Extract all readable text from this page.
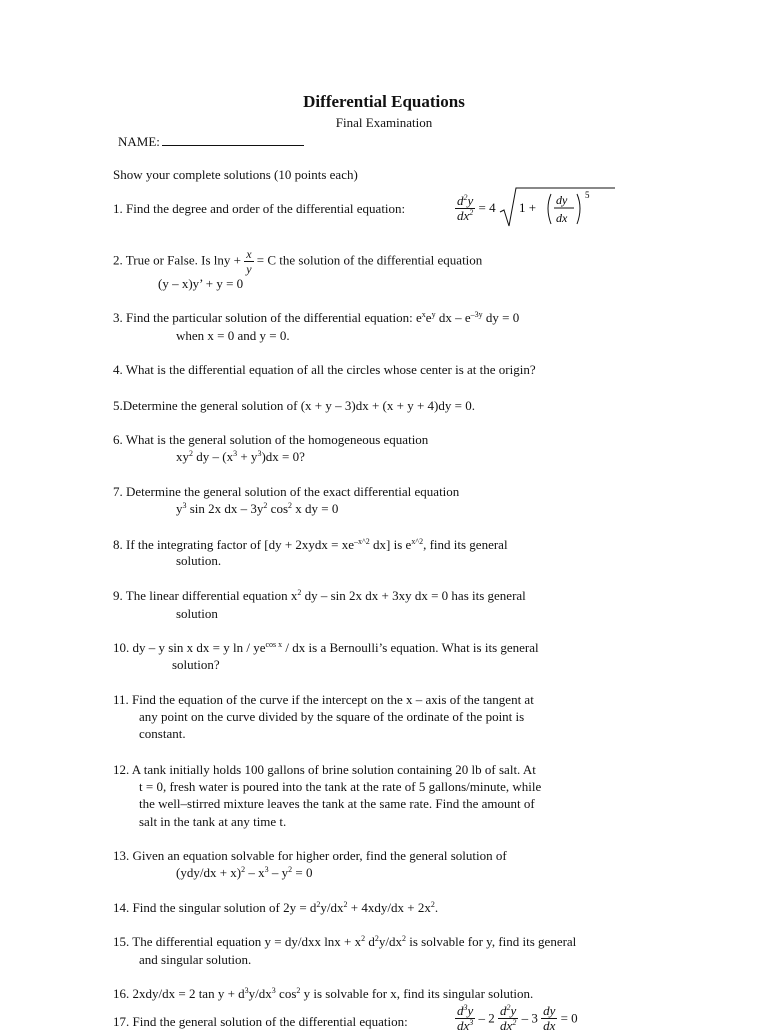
Differential Equations
Final Examination
NAME:
Show your complete solutions (10 points each)
1. Find the degree and order of the differential equation:	$\frac{d^2y}{dx^2} = 4$ 1 + dy
dx
5
2. True or False. Is $\ln y + \frac{x}{y} = C$ the solution of the differential equation
(y – x)y’ + y = 0
3. Find the particular solution of the differential equation: $e^xe^y$ dx – $e^{-3y}$ dy = 0
when x = 0 and y = 0.
4. What is the differential equation of all the circles whose center is at the origin?
5.Determine the general solution of (x + y – 3)dx + (x + y + 4)dy = 0.
6. What is the general solution of the homogeneous equation
$xy^2$ dy – $(x^3 + y^3)dx = 0$?
7. Determine the general solution of the exact differential equation
$y^3$ sin 2x dx – $3y^2$ $\cos^2 x$ dy = 0
8. If the integrating factor of [dy + 2xydx = $xe^{-x\^{}2}$ dx] is $e^{x\^{}2}$, find its general
solution.
9. The linear differential equation $x^2$ dy – sin 2x dx + 3xy dx = 0 has its general
solution
10. dy – y sin x dx = y ln / $ye^{cos x}$ / dx is a Bernoulli’s equation. What is its general
solution?
11. Find the equation of the curve if the intercept on the x – axis of the tangent at
any point on the curve divided by the square of the ordinate of the point is
constant.
12. A tank initially holds 100 gallons of brine solution containing 20 lb of salt. At
t = 0, fresh water is poured into the tank at the rate of 5 gallons/minute, while
the well–stirred mixture leaves the tank at the same rate. Find the amount of
salt in the tank at any time t.
13. Given an equation solvable for higher order, find the general solution of
$(ydy/dx + x)^2 - x^3 - y^2 = 0$
14. Find the singular solution of $2y = d^2y/dx^2 + 4xdy/dx + 2x^2$.
15. The differential equation y = dy/dxx $\ln x + x^2$ $d^2y/dx^2$ is solvable for y, find its general
and singular solution.
16. 2xdy/dx = 2 $\tan y + d^3y/dx^3$ $\cos^2 y$ is solvable for x, find its singular solution.
17. Find the general solution of the differential equation:	$\frac{d^3y}{dx^3} - 2 \frac{d^2y}{dx^2} - 3 \frac{dy}{dx} = 0$
